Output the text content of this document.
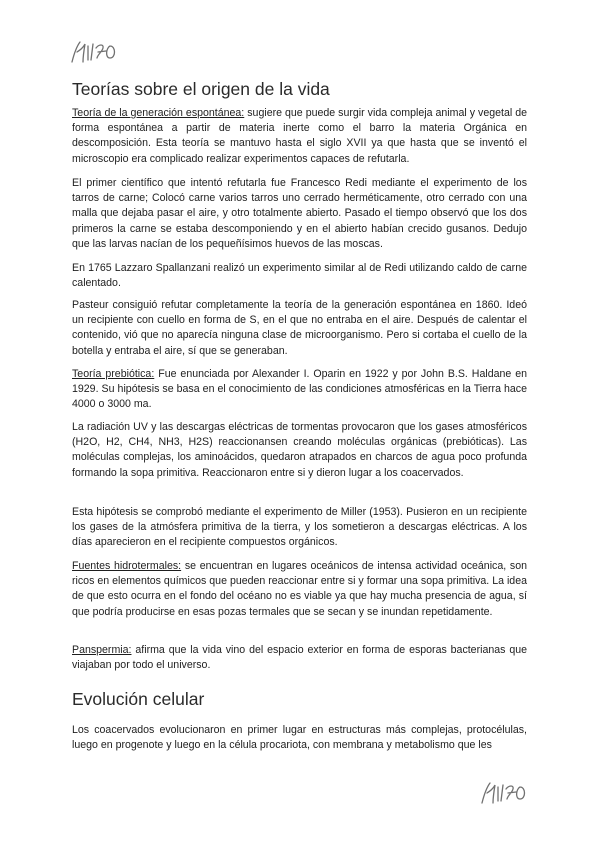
Teorías sobre el origen de la vida

Teoría de la generación espontánea: sugiere que puede surgir vida compleja animal y vegetal de forma espontánea a partir de materia inerte como el barro la materia Orgánica en descomposición. Esta teoría se mantuvo hasta el siglo XVII ya que hasta que se inventó el microscopio era complicado realizar experimentos capaces de refutarla.

El primer científico que intentó refutarla fue Francesco Redi mediante el experimento de los tarros de carne; Colocó carne varios tarros uno cerrado herméticamente, otro cerrado con una malla que dejaba pasar el aire, y otro totalmente abierto. Pasado el tiempo observó que los dos primeros la carne se estaba descomponiendo y en el abierto habían crecido gusanos. Dedujo que las larvas nacían de los pequeñísimos huevos de las moscas.

En 1765 Lazzaro Spallanzani realizó un experimento similar al de Redi utilizando caldo de carne calentado.

Pasteur consiguió refutar completamente la teoría de la generación espontánea en 1860. Ideó un recipiente con cuello en forma de S, en el que no entraba en el aire. Después de calentar el contenido, vió que no aparecía ninguna clase de microorganismo. Pero si cortaba el cuello de la botella y entraba el aire, sí que se generaban.

Teoría prebiótica: Fue enunciada por Alexander I. Oparin en 1922 y por John B.S. Haldane en 1929. Su hipótesis se basa en el conocimiento de las condiciones atmosféricas en la Tierra hace 4000 o 3000 ma.

La radiación UV y las descargas eléctricas de tormentas provocaron que los gases atmosféricos (H2O, H2, CH4, NH3, H2S) reaccionansen creando moléculas orgánicas (prebióticas). Las moléculas complejas, los aminoácidos, quedaron atrapados en charcos de agua poco profunda formando la sopa primitiva. Reaccionaron entre si y dieron lugar a los coacervados.

Esta hipótesis se comprobó mediante el experimento de Miller (1953). Pusieron en un recipiente los gases de la atmósfera primitiva de la tierra, y los sometieron a descargas eléctricas. A los días aparecieron en el recipiente compuestos orgánicos.

Fuentes hidrotermales: se encuentran en lugares oceánicos de intensa actividad oceánica, son ricos en elementos químicos que pueden reaccionar entre si y formar una sopa primitiva. La idea de que esto ocurra en el fondo del océano no es viable ya que hay mucha presencia de agua, sí que podría producirse en esas pozas termales que se secan y se inundan repetidamente.

Panspermia: afirma que la vida vino del espacio exterior en forma de esporas bacterianas que viajaban por todo el universo.

Evolución celular

Los coacervados evolucionaron en primer lugar en estructuras más complejas, protocélulas, luego en progenote y luego en la célula procariota, con membrana y metabolismo que les
